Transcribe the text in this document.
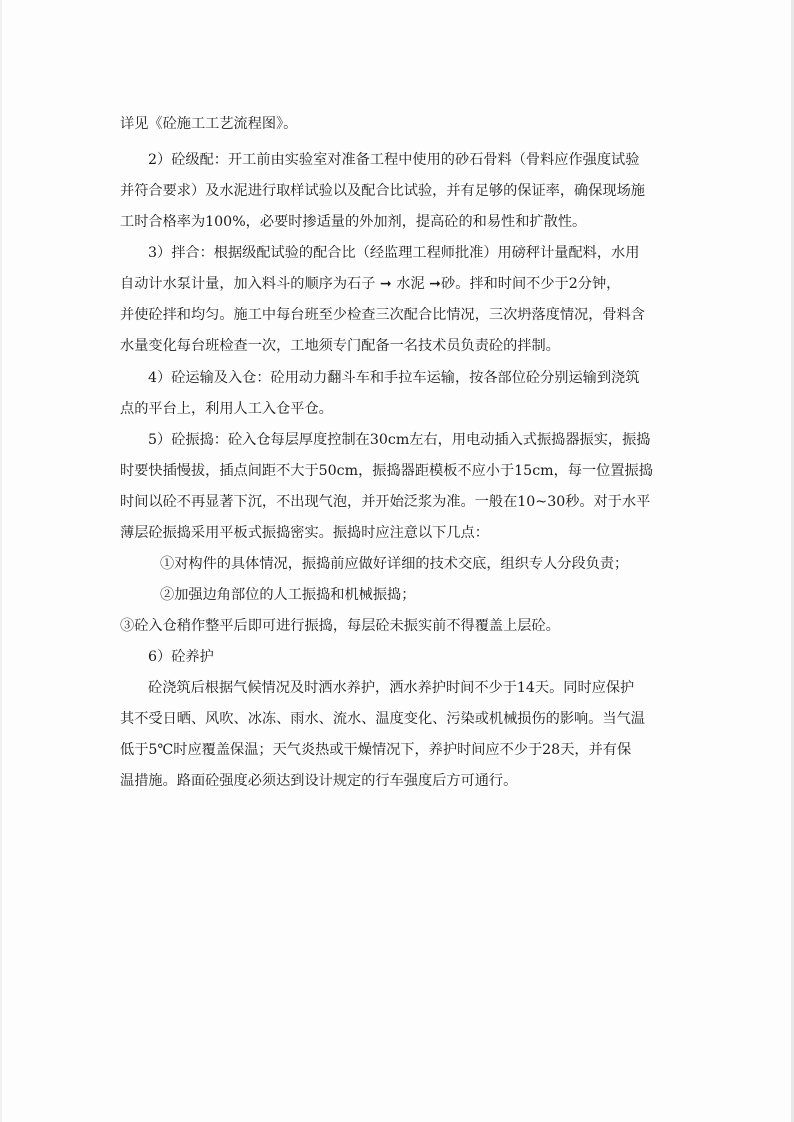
详见《砼施工工艺流程图》。
2）砼级配：开工前由实验室对准备工程中使用的砂石骨料（骨料应作强度试验
并符合要求）及水泥进行取样试验以及配合比试验，并有足够的保证率，确保现场施
工时合格率为100%，必要时掺适量的外加剂，提高砼的和易性和扩散性。
3）拌合：根据级配试验的配合比（经监理工程师批准）用磅秤计量配料，水用
自动计水泵计量，加入料斗的顺序为石子 ➞ 水泥 ➞砂。拌和时间不少于2分钟，
并使砼拌和均匀。施工中每台班至少检查三次配合比情况，三次坍落度情况，骨料含
水量变化每台班检查一次，工地须专门配备一名技术员负责砼的拌制。
4）砼运输及入仓：砼用动力翻斗车和手拉车运输，按各部位砼分别运输到浇筑
点的平台上，利用人工入仓平仓。
5）砼振捣：砼入仓每层厚度控制在30cm左右，用电动插入式振捣器振实，振捣
时要快插慢拔，插点间距不大于50cm，振捣器距模板不应小于15cm，每一位置振捣
时间以砼不再显著下沉，不出现气泡，并开始泛浆为准。一般在10~30秒。对于水平
薄层砼振捣采用平板式振捣密实。振捣时应注意以下几点：
①对构件的具体情况，振捣前应做好详细的技术交底，组织专人分段负责；
②加强边角部位的人工振捣和机械振捣；
③砼入仓稍作整平后即可进行振捣，每层砼未振实前不得覆盖上层砼。
6）砼养护
砼浇筑后根据气候情况及时洒水养护，洒水养护时间不少于14天。同时应保护
其不受日晒、风吹、冰冻、雨水、流水、温度变化、污染或机械损伤的影响。当气温
低于5℃时应覆盖保温；天气炎热或干燥情况下，养护时间应不少于28天，并有保
温措施。路面砼强度必须达到设计规定的行车强度后方可通行。
